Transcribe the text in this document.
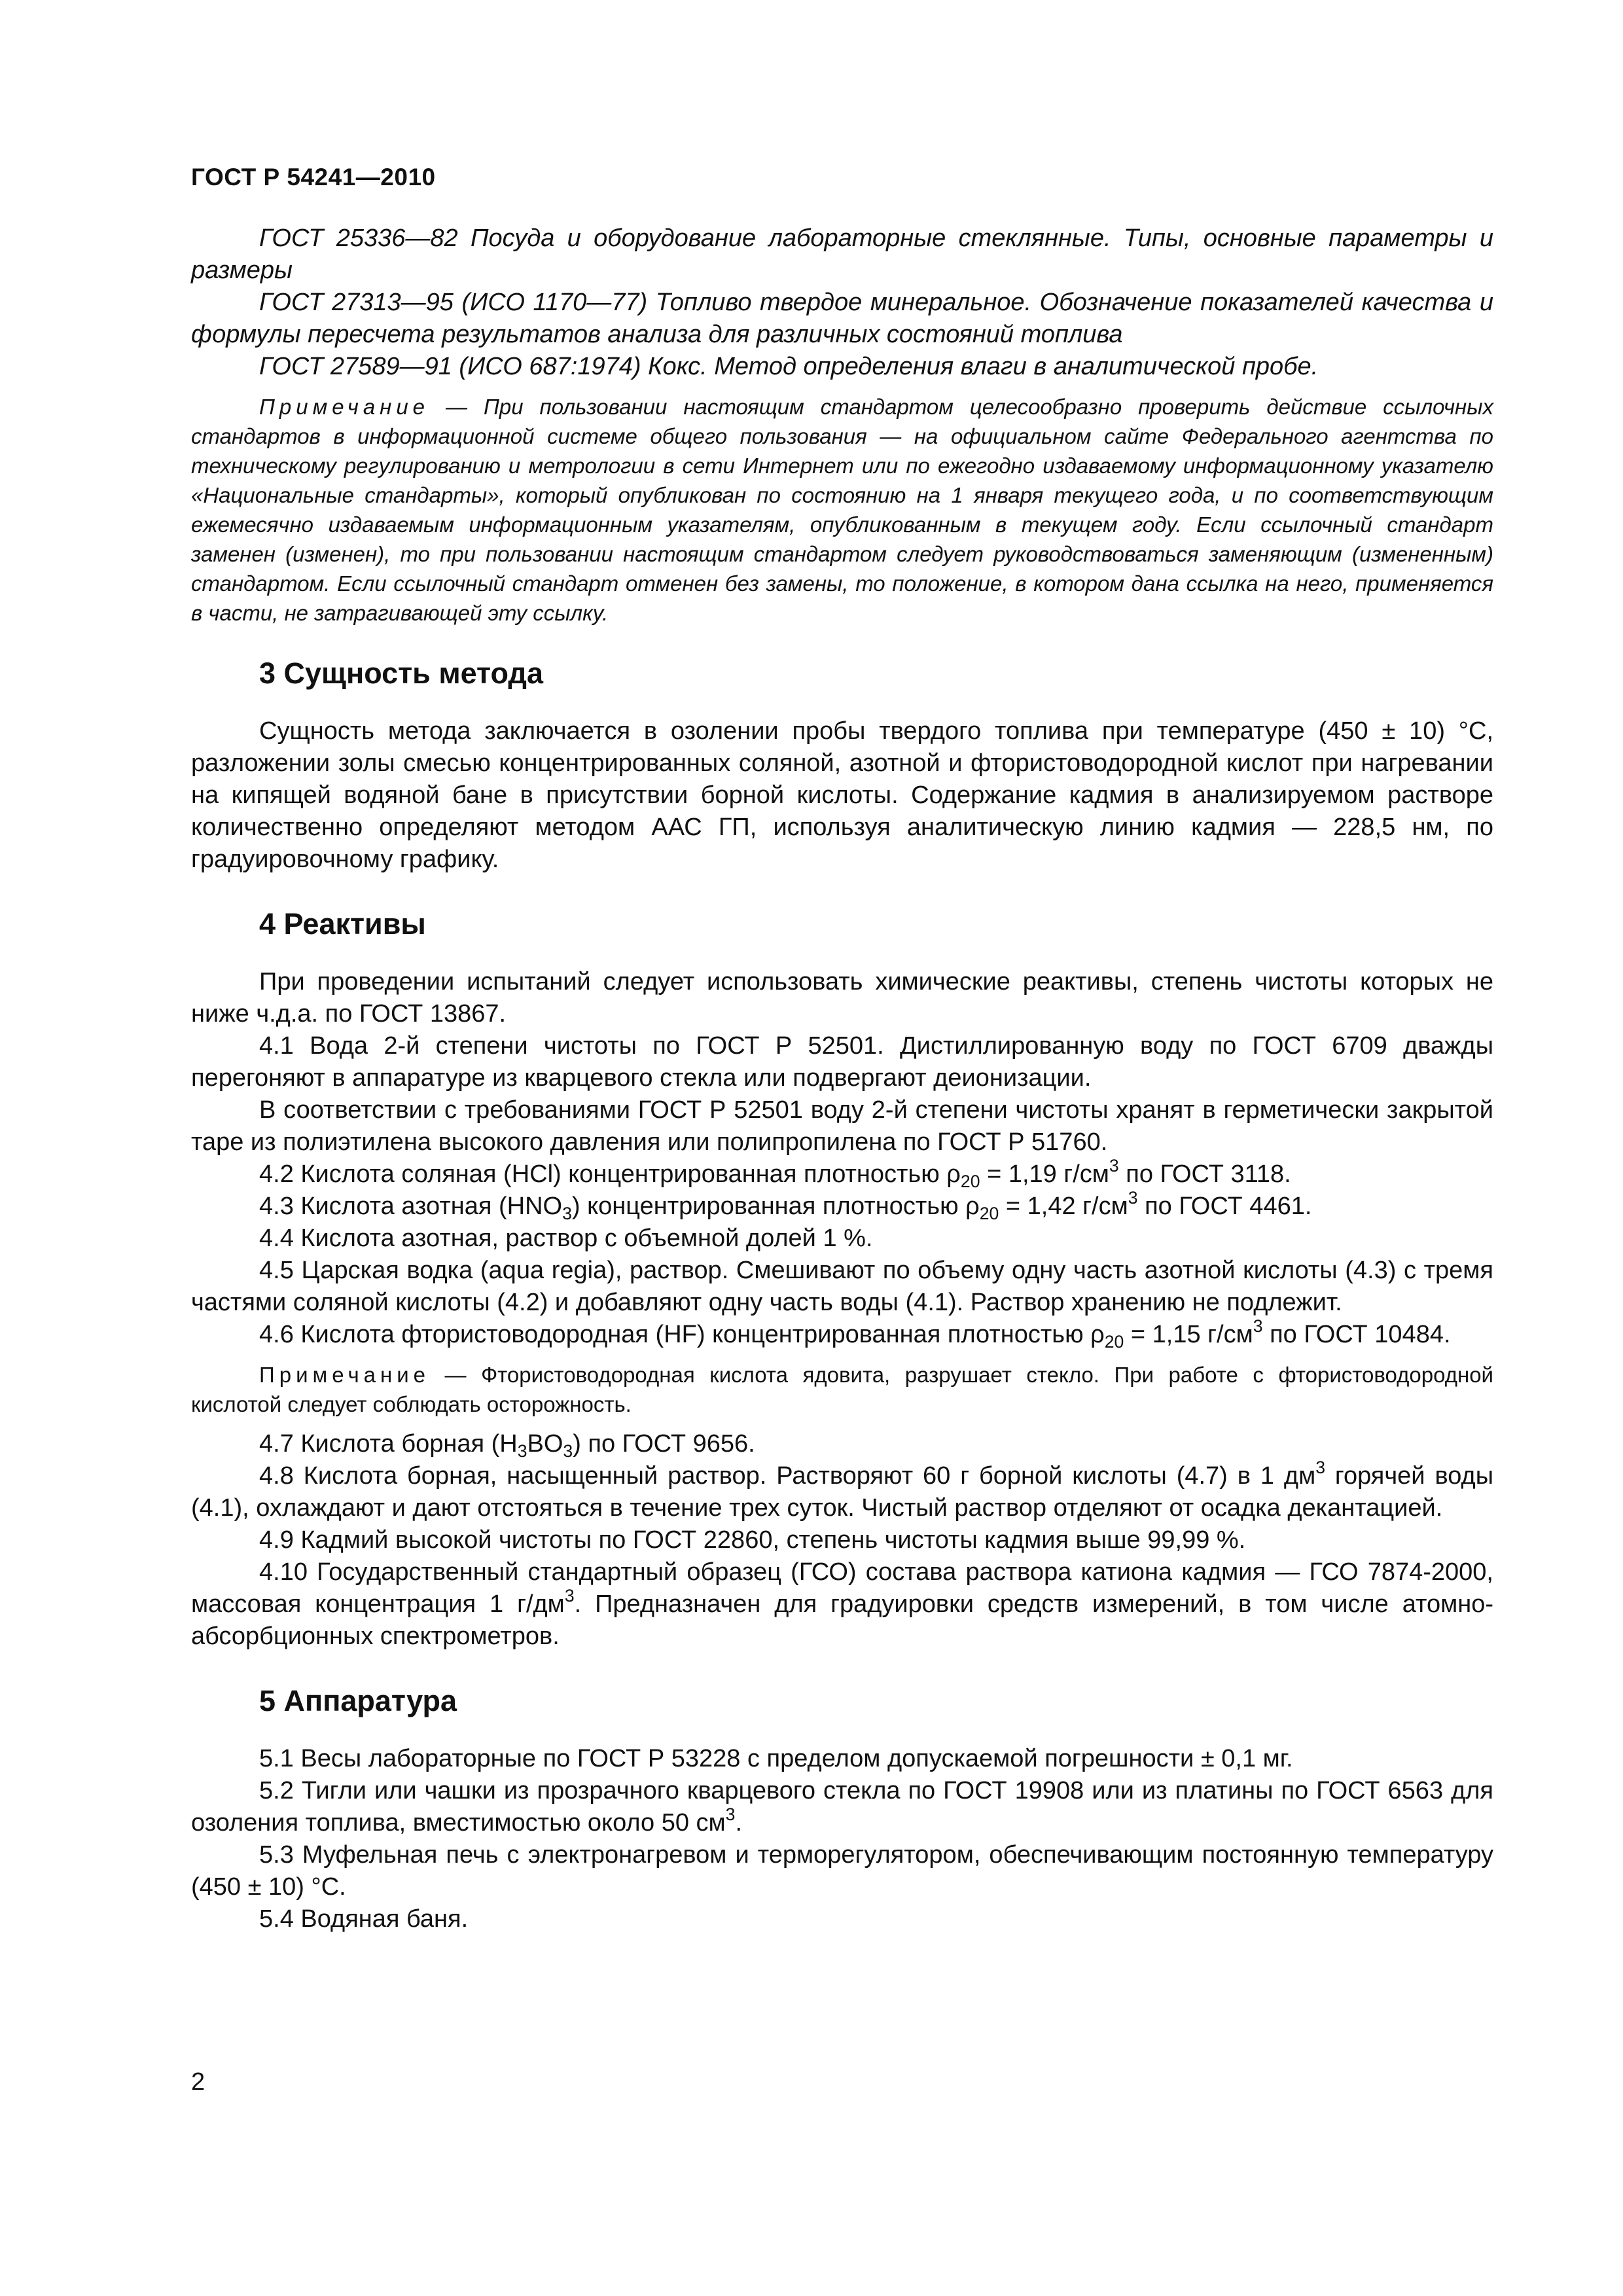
ГОСТ Р 54241—2010

ГОСТ 25336—82 Посуда и оборудование лабораторные стеклянные. Типы, основные параметры и размеры

ГОСТ 27313—95 (ИСО 1170—77) Топливо твердое минеральное. Обозначение показателей качества и формулы пересчета результатов анализа для различных состояний топлива

ГОСТ 27589—91 (ИСО 687:1974) Кокс. Метод определения влаги в аналитической пробе.

Примечание — При пользовании настоящим стандартом целесообразно проверить действие ссылочных стандартов в информационной системе общего пользования — на официальном сайте Федерального агентства по техническому регулированию и метрологии в сети Интернет или по ежегодно издаваемому информационному указателю «Национальные стандарты», который опубликован по состоянию на 1 января текущего года, и по соответствующим ежемесячно издаваемым информационным указателям, опубликованным в текущем году. Если ссылочный стандарт заменен (изменен), то при пользовании настоящим стандартом следует руководствоваться заменяющим (измененным) стандартом. Если ссылочный стандарт отменен без замены, то положение, в котором дана ссылка на него, применяется в части, не затрагивающей эту ссылку.

3 Сущность метода

Сущность метода заключается в озолении пробы твердого топлива при температуре (450 ± 10) °С, разложении золы смесью концентрированных соляной, азотной и фтористоводородной кислот при нагревании на кипящей водяной бане в присутствии борной кислоты. Содержание кадмия в анализируемом растворе количественно определяют методом ААС ГП, используя аналитическую линию кадмия — 228,5 нм, по градуировочному графику.

4 Реактивы

При проведении испытаний следует использовать химические реактивы, степень чистоты которых не ниже ч.д.а. по ГОСТ 13867.

4.1 Вода 2-й степени чистоты по ГОСТ Р 52501. Дистиллированную воду по ГОСТ 6709 дважды перегоняют в аппаратуре из кварцевого стекла или подвергают деионизации.

В соответствии с требованиями ГОСТ Р 52501 воду 2-й степени чистоты хранят в герметически закрытой таре из полиэтилена высокого давления или полипропилена по ГОСТ Р 51760.

4.2 Кислота соляная (HCl) концентрированная плотностью $\rho_{20} = 1,19$ $г/см^3$ по ГОСТ 3118.

4.3 Кислота азотная $(HNO_3)$ концентрированная плотностью $\rho_{20} = 1,42$ $г/см^3$ по ГОСТ 4461.

4.4 Кислота азотная, раствор с объемной долей 1 %.

4.5 Царская водка (aqua regia), раствор. Смешивают по объему одну часть азотной кислоты (4.3) с тремя частями соляной кислоты (4.2) и добавляют одну часть воды (4.1). Раствор хранению не подлежит.

4.6 Кислота фтористоводородная (HF) концентрированная плотностью $\rho_{20} = 1,15$ $г/см^3$ по ГОСТ 10484.

Примечание — Фтористоводородная кислота ядовита, разрушает стекло. При работе с фтористоводородной кислотой следует соблюдать осторожность.

4.7 Кислота борная $(H_3BO_3)$ по ГОСТ 9656.

4.8 Кислота борная, насыщенный раствор. Растворяют 60 г борной кислоты (4.7) в 1 $дм^3$ горячей воды (4.1), охлаждают и дают отстояться в течение трех суток. Чистый раствор отделяют от осадка декантацией.

4.9 Кадмий высокой чистоты по ГОСТ 22860, степень чистоты кадмия выше 99,99 %.

4.10 Государственный стандартный образец (ГСО) состава раствора катиона кадмия — ГСО 7874-2000, массовая концентрация 1 $г/дм^3$. Предназначен для градуировки средств измерений, в том числе атомно-абсорбционных спектрометров.

5 Аппаратура

5.1 Весы лабораторные по ГОСТ Р 53228 с пределом допускаемой погрешности ± 0,1 мг.

5.2 Тигли или чашки из прозрачного кварцевого стекла по ГОСТ 19908 или из платины по ГОСТ 6563 для озоления топлива, вместимостью около 50 $см^3$.

5.3 Муфельная печь с электронагревом и терморегулятором, обеспечивающим постоянную температуру (450 ± 10) °С.

5.4 Водяная баня.

2
